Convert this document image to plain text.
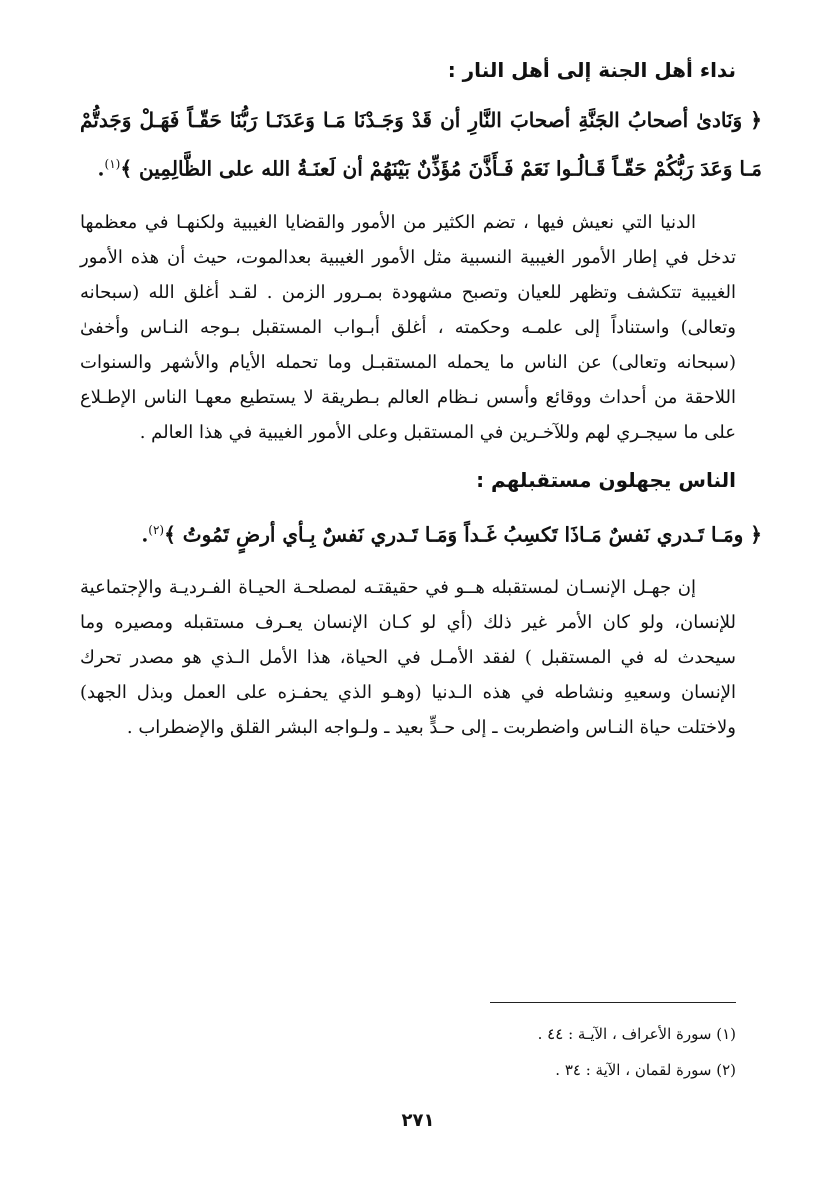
نداء أهل الجنة إلى أهل النار :

﴿ وَنَادىٰ أصحابُ الجَنَّةِ أصحابَ النَّارِ أن قَدْ وَجَـدْنَا مَـا وَعَدَنَـا رَبُّنَا حَقّـاً فَهَـلْ وَجَدتُّمْ مَـا وَعَدَ رَبُّكُمْ حَقّـاً قَـالُـوا نَعَمْ فَـأَذَّنَ مُؤَذِّنٌ بَيْنَهُمْ أن لَعنَـةُ الله على الظَّالِمِين ﴾$^{(١)}$.

الدنيا التي نعيش فيها ، تضم الكثير من الأمور والقضايا الغيبية ولكنهـا في معظمها تدخل في إطار الأمور الغيبية النسبية مثل الأمور الغيبية بعدالموت، حيث أن هذه الأمور الغيبية تتكشف وتظهر للعيان وتصبح مشهودة بمـرور الزمن . لقـد أغلق الله (سبحانه وتعالى) واستناداً إلى علمـه وحكمته ، أغلق أبـواب المستقبل بـوجه النـاس وأخفىٰ (سبحانه وتعالى) عن الناس ما يحمله المستقبـل وما تحمله الأيام والأشهر والسنوات اللاحقة من أحداث ووقائع وأسس نـظام العالم بـطريقة لا يستطيع معهـا الناس الإطـلاع على ما سيجـري لهم وللآخـرين في المستقبل وعلى الأمور الغيبية في هذا العالم .

الناس يجهلون مستقبلهم :

﴿ ومَـا تَـدري نَفسٌ مَـاذَا تَكسِبُ غَـداً وَمَـا تَـدري نَفسٌ بِـأي أرضٍ تَمُوتُ ﴾$^{(٢)}$.

إن جهـل الإنسـان لمستقبله هــو في حقيقتـه لمصلحـة الحيـاة الفـرديـة والإجتماعية للإنسان، ولو كان الأمر غير ذلك (أي لو كـان الإنسان يعـرف مستقبله ومصيره وما سيحدث له في المستقبل ) لفقد الأمـل في الحياة، هذا الأمل الـذي هو مصدر تحرك الإنسان وسعيهِ ونشاطه في هذه الـدنيا (وهـو الذي يحفـزه على العمل وبذل الجهد) ولاختلت حياة النـاس واضطربت ـ إلى حـدٍّ بعيد ـ ولـواجه البشر القلق والإضطراب .

(١) سورة الأعراف ، الآيـة : ٤٤ .
(٢) سورة لقمان ، الآية : ٣٤ .
٢٧١
